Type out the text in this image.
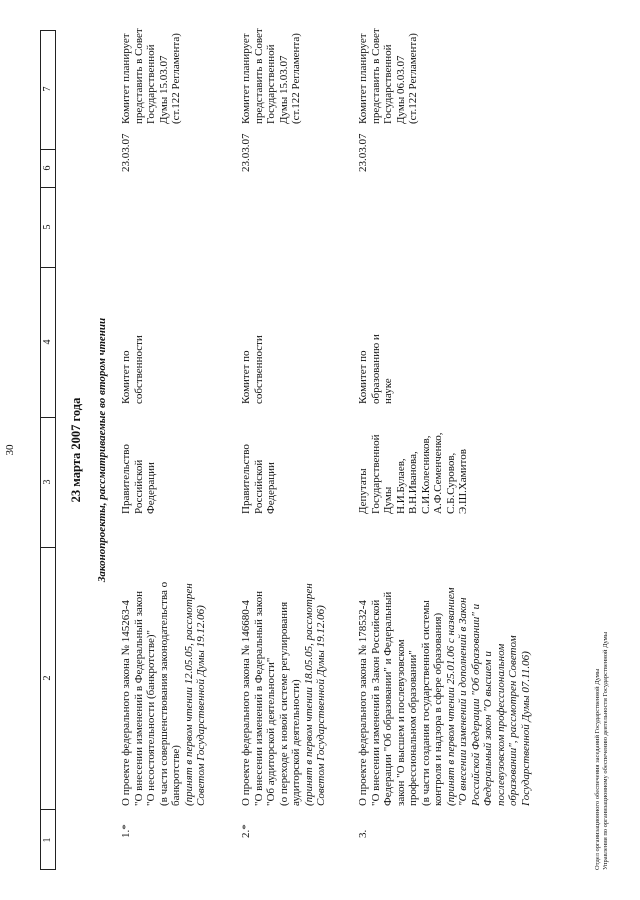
30
1
2
3
4
5
6
7
23 марта 2007 года Законопроекты, рассматриваемые во втором чтении
1.*
О проекте федерального закона № 145263-4
"О внесении изменений в Федеральный закон
"О несостоятельности (банкротстве)"
(в части совершенствования законодательства о
банкротстве) (принят в первом чтении 12.05.05, рассмотрен
Советом Государственной Думы 19.12.06)
Правительство
Российской
Федерации
Комитет по
собственности
23.03.07
Комитет планирует
представить в Совет
Государственной
Думы 15.03.07
(ст.122 Регламента)
2.*
О проекте федерального закона № 146680-4
"О внесении изменений в Федеральный закон
"Об аудиторской деятельности"
(о переходе к новой системе регулирования
аудиторской деятельности)
(принят в первом чтении 18.05.05, рассмотрен
Советом Государственной Думы 19.12.06)
Правительство
Российской
Федерации
Комитет по
собственности
23.03.07
Комитет планирует
представить в Совет
Государственной
Думы 15.03.07
(ст.122 Регламента)
3.
О проекте федерального закона № 178532-4
"О внесении изменений в Закон Российской
Федерации "Об образовании" и Федеральный
закон "О высшем и послевузовском
профессиональном образовании"
(в части создания государственной системы
контроля и надзора в сфере образования)
(принят в первом чтении 25.01.06 с названием
"О внесении изменений и дополнений в Закон
Российской Федерации "Об образовании" и
Федеральный закон "О высшем и
послевузовском профессиональном
образовании", рассмотрен Советом
Государственной Думы 07.11.06)
Депутаты
Государственной
Думы
Н.И.Булаев,
В.Н.Иванова,
С.И.Колесников,
А.Ф.Семенченко,
С.Б.Суровов,
Э.Ш.Хамитов
Комитет по
образованию и
науке
23.03.07
Комитет планирует
представить в Совет
Государственной
Думы 06.03.07
(ст.122 Регламента)
Отдел организационного обеспечения заседаний Государственной Думы Управления по организационному обеспечению деятельности Государственной Думы
